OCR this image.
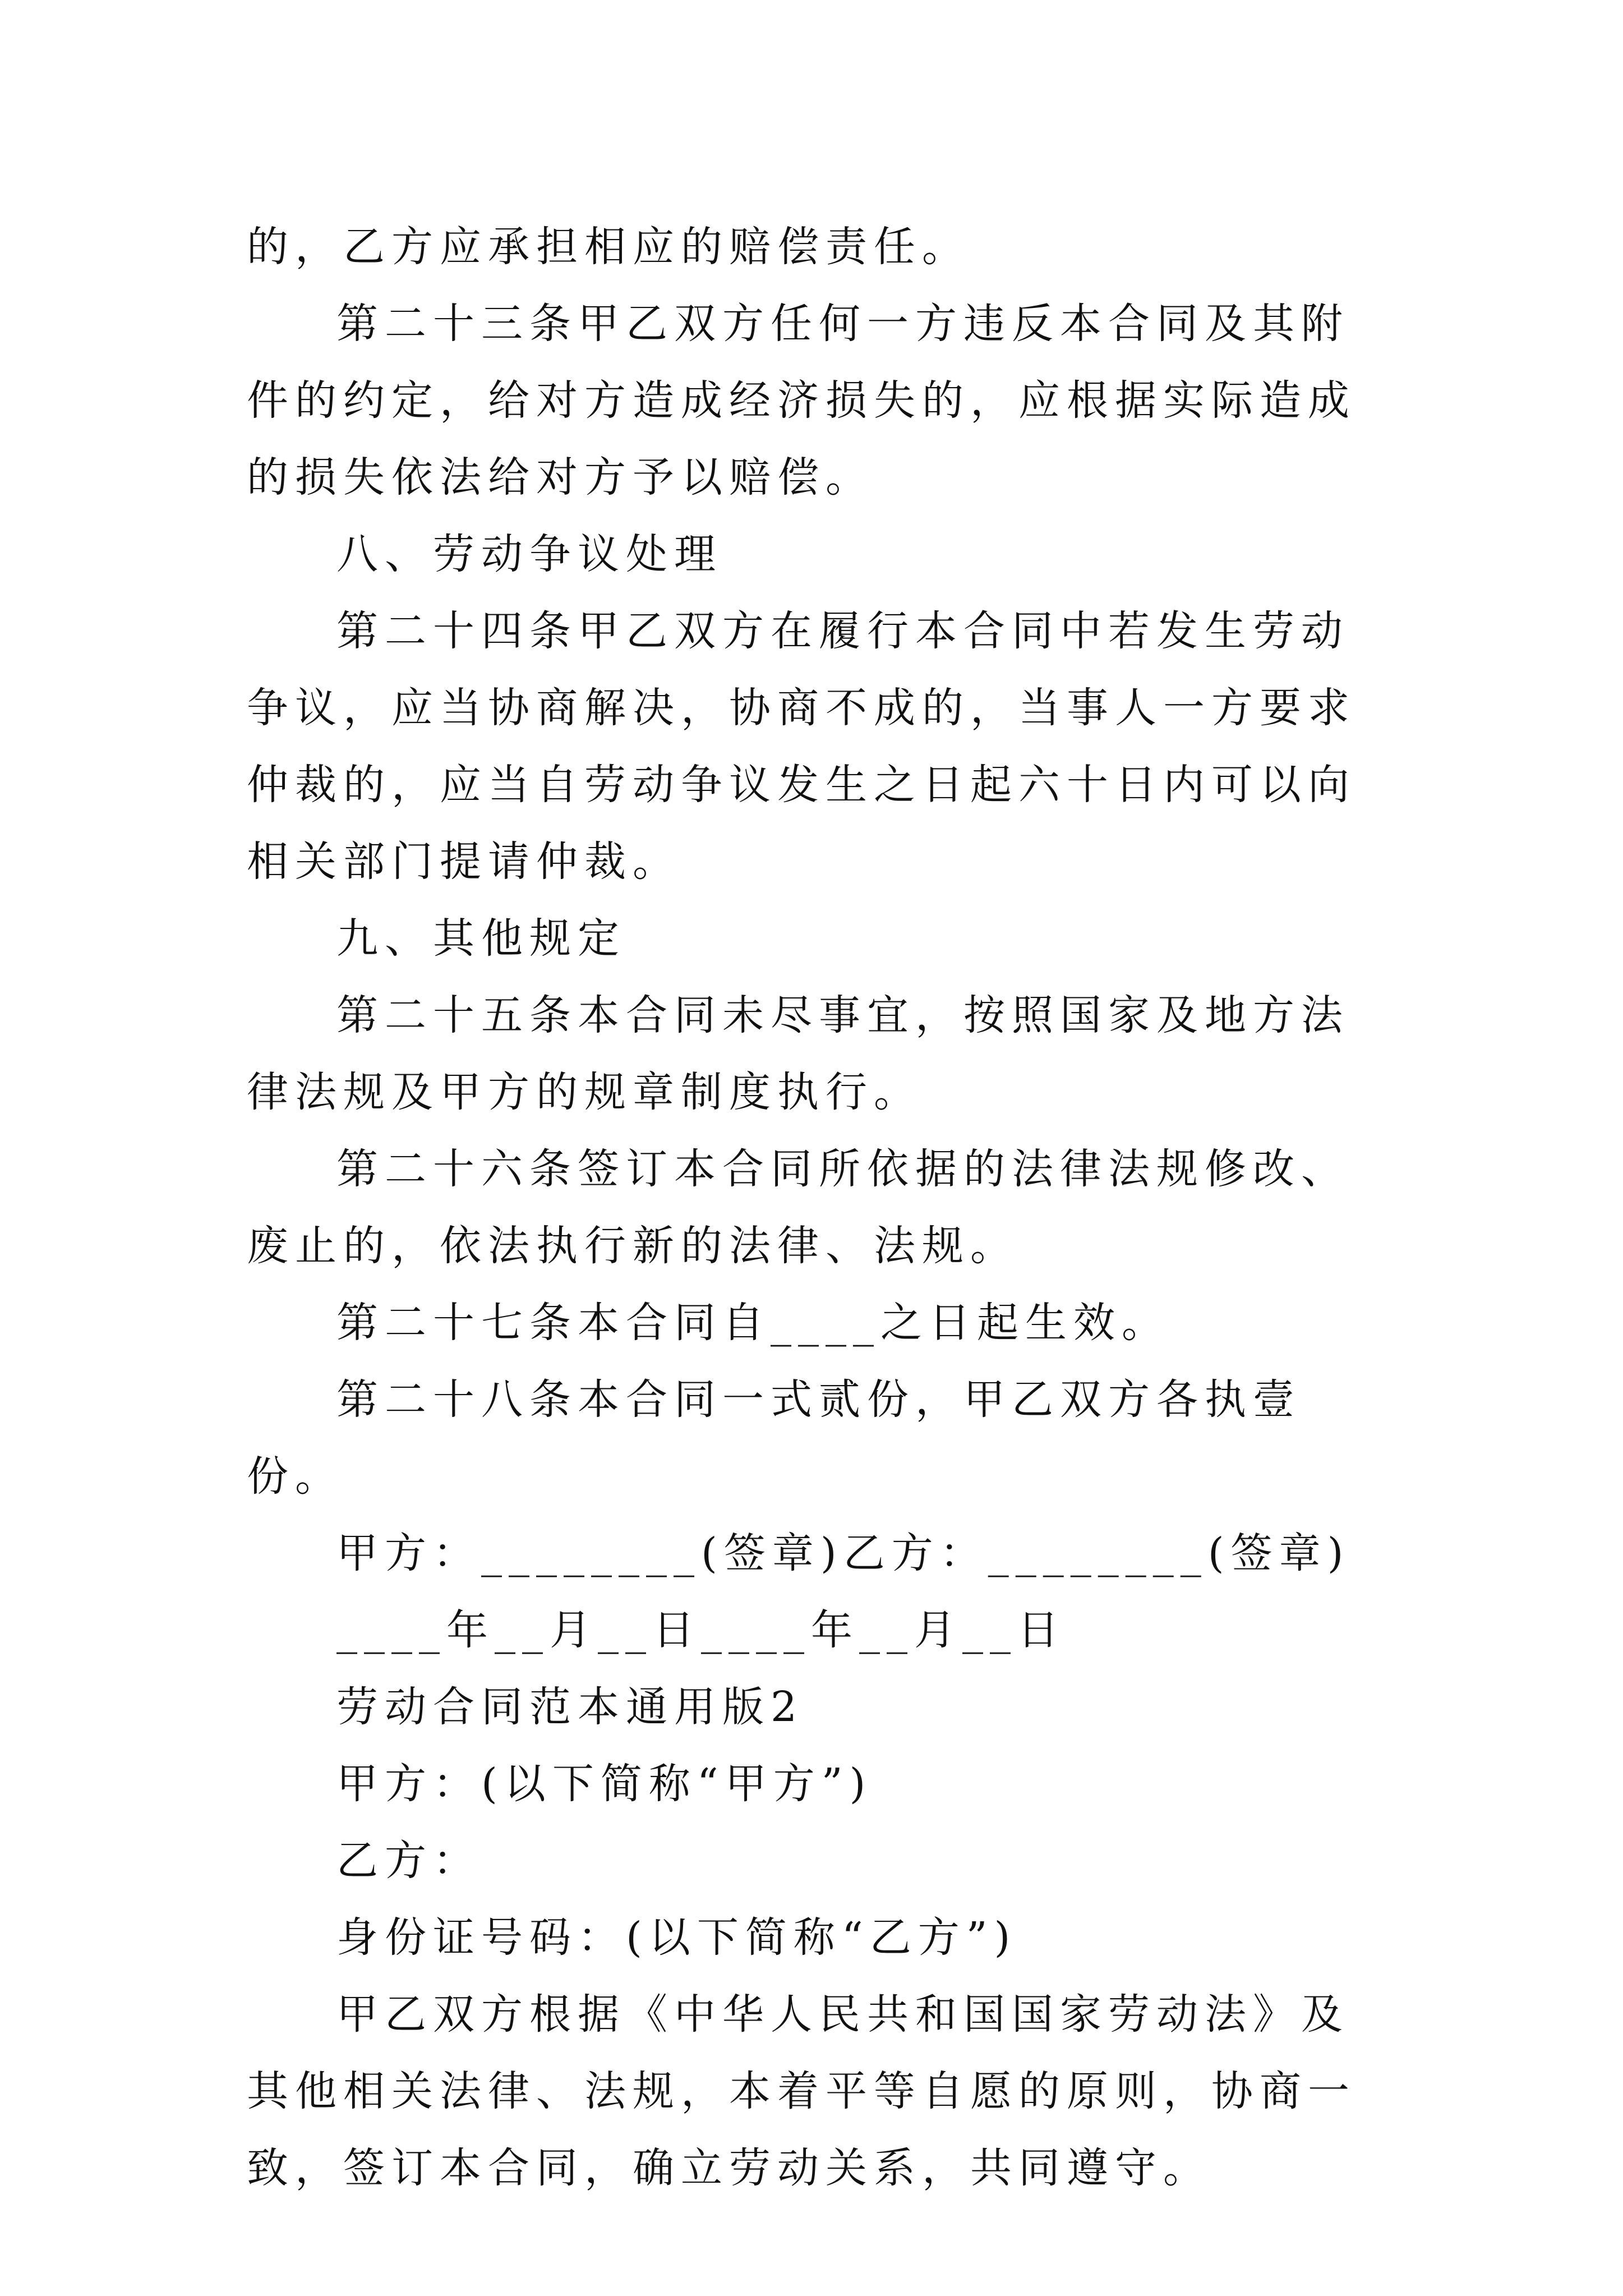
的，乙方应承担相应的赔偿责任。

第二十三条甲乙双方任何一方违反本合同及其附件的约定，给对方造成经济损失的，应根据实际造成的损失依法给对方予以赔偿。

八、劳动争议处理

第二十四条甲乙双方在履行本合同中若发生劳动争议，应当协商解决，协商不成的，当事人一方要求仲裁的，应当自劳动争议发生之日起六十日内可以向相关部门提请仲裁。

九、其他规定

第二十五条本合同未尽事宜，按照国家及地方法律法规及甲方的规章制度执行。

第二十六条签订本合同所依据的法律法规修改、废止的，依法执行新的法律、法规。

第二十七条本合同自____之日起生效。

第二十八条本合同一式贰份，甲乙双方各执壹份。

甲方：________(签章)乙方：________(签章)

____年__月__日____年__月__日

劳动合同范本通用版2

甲方：(以下简称“甲方”)

乙方：

身份证号码：(以下简称“乙方”)

甲乙双方根据《中华人民共和国国家劳动法》及其他相关法律、法规，本着平等自愿的原则，协商一致，签订本合同，确立劳动关系，共同遵守。
